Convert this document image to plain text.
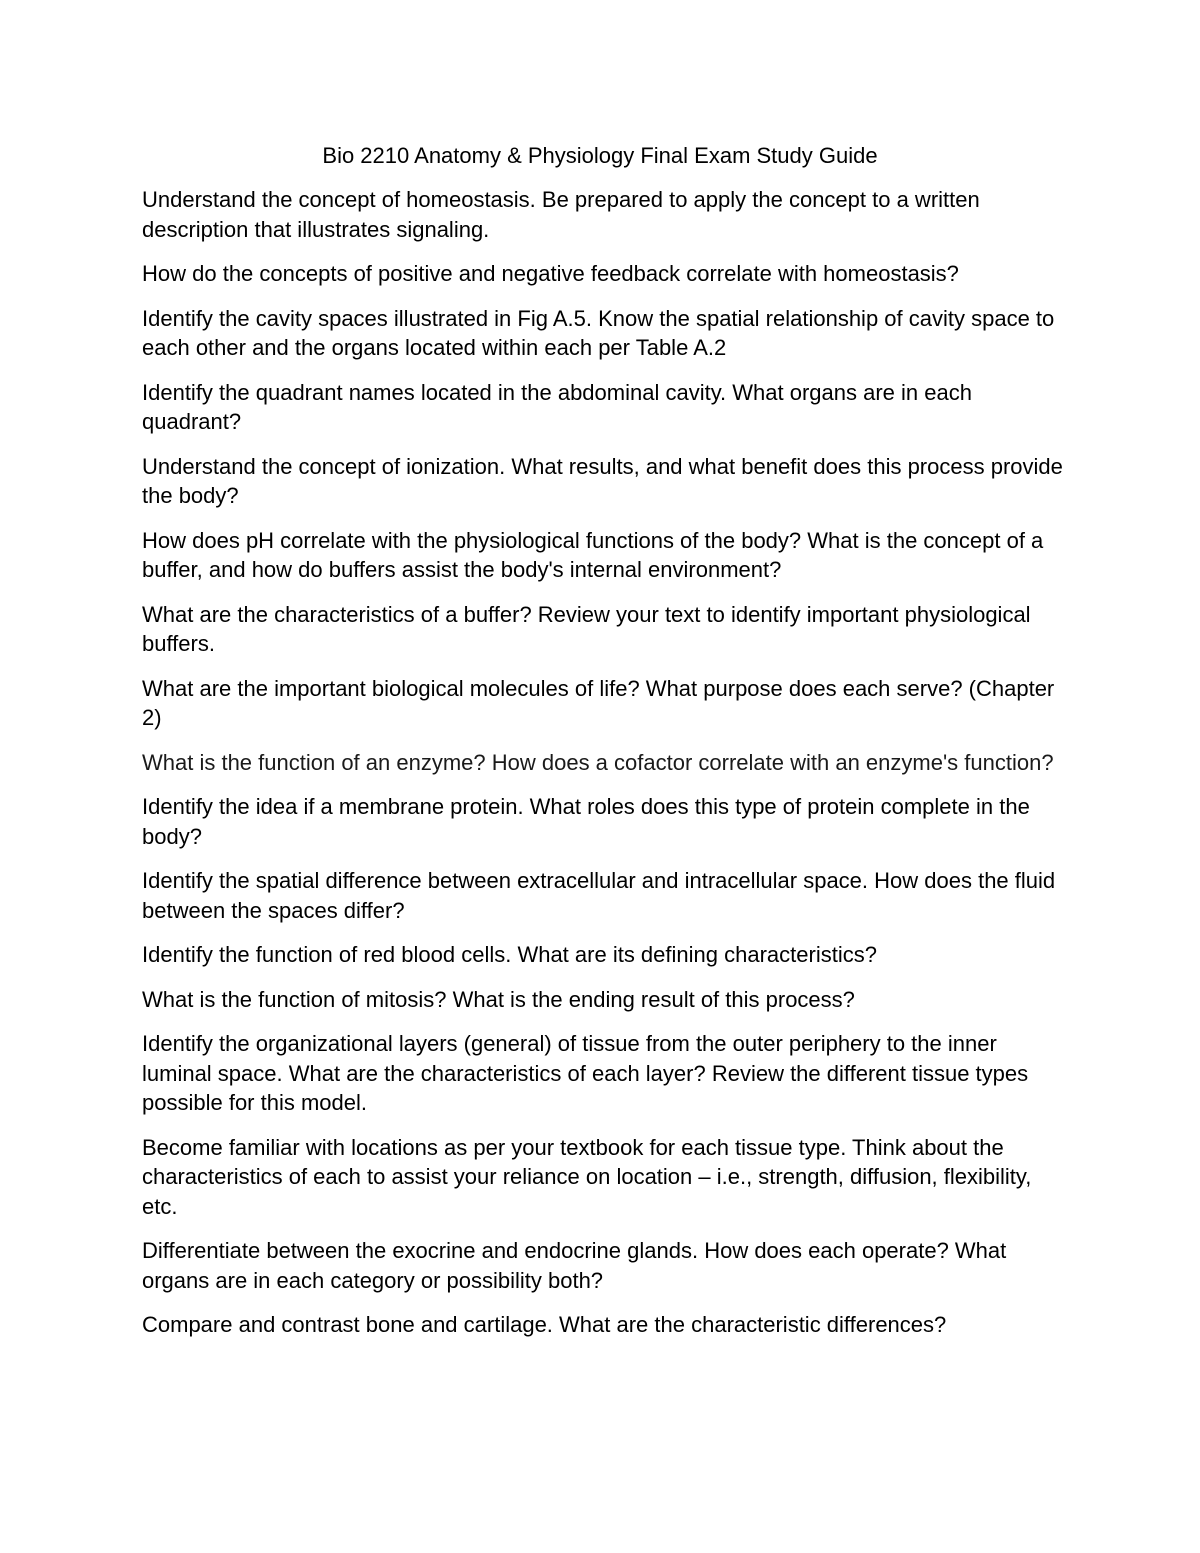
Bio 2210 Anatomy & Physiology Final Exam Study Guide

Understand the concept of homeostasis. Be prepared to apply the concept to a written description that illustrates signaling.

How do the concepts of positive and negative feedback correlate with homeostasis?

Identify the cavity spaces illustrated in Fig A.5. Know the spatial relationship of cavity space to each other and the organs located within each per Table A.2

Identify the quadrant names located in the abdominal cavity. What organs are in each quadrant?

Understand the concept of ionization. What results, and what benefit does this process provide the body?

How does pH correlate with the physiological functions of the body? What is the concept of a buffer, and how do buffers assist the body's internal environment?

What are the characteristics of a buffer? Review your text to identify important physiological buffers.

What are the important biological molecules of life? What purpose does each serve? (Chapter 2)

What is the function of an enzyme? How does a cofactor correlate with an enzyme's function?

Identify the idea if a membrane protein. What roles does this type of protein complete in the body?

Identify the spatial difference between extracellular and intracellular space. How does the fluid between the spaces differ?

Identify the function of red blood cells. What are its defining characteristics?

What is the function of mitosis? What is the ending result of this process?

Identify the organizational layers (general) of tissue from the outer periphery to the inner luminal space. What are the characteristics of each layer? Review the different tissue types possible for this model.

Become familiar with locations as per your textbook for each tissue type. Think about the characteristics of each to assist your reliance on location – i.e., strength, diffusion, flexibility, etc.

Differentiate between the exocrine and endocrine glands. How does each operate? What organs are in each category or possibility both?

Compare and contrast bone and cartilage. What are the characteristic differences?
